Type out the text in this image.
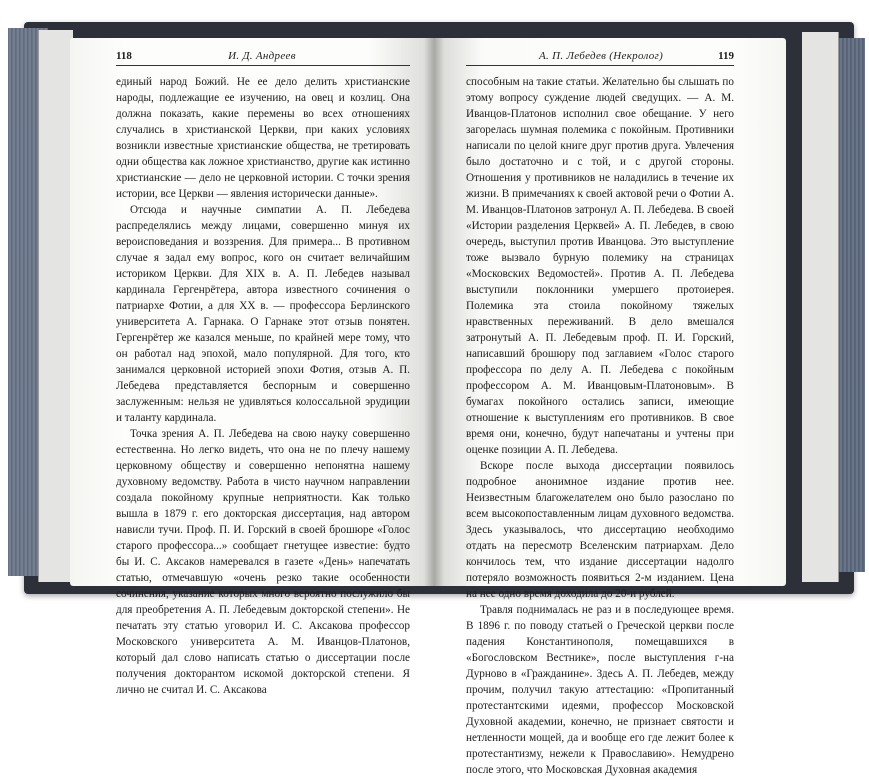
118	И. Д. Андреев

единый народ Божий. Не ее дело делить христианские народы, подлежащие ее изучению, на овец и козлиц. Она должна показать, какие перемены во всех отношениях случались в христианской Церкви, при каких условиях возникли известные христианские общества, не третировать одни общества как ложное христианство, другие как истинно христианские — дело не церковной истории. С точки зрения истории, все Церкви — явления исторически данные».

Отсюда и научные симпатии А. П. Лебедева распределялись между лицами, совершенно минуя их вероисповедания и воззрения. Для примера... В противном случае я задал ему вопрос, кого он считает величайшим историком Церкви. Для XIX в. А. П. Лебедев называл кардинала Гергенрётера, автора известного сочинения о патриархе Фотии, а для XX в. — профессора Берлинского университета А. Гарнака. О Гарнаке этот отзыв понятен. Гергенрётер же казался меньше, по крайней мере тому, что он работал над эпохой, мало популярной. Для того, кто занимался церковной историей эпохи Фотия, отзыв А. П. Лебедева представляется беспорным и совершенно заслуженным: нельзя не удивляться колоссальной эрудиции и таланту кардинала.

Точка зрения А. П. Лебедева на свою науку совершенно естественна. Но легко видеть, что она не по плечу нашему церковному обществу и совершенно непонятна нашему духовному ведомству. Работа в чисто научном направлении создала покойному крупные неприятности. Как только вышла в 1879 г. его докторская диссертация, над автором нависли тучи. Проф. П. И. Горский в своей брошюре «Голос старого профессора...» сообщает гнетущее известие: будто бы И. С. Аксаков намеревался в газете «День» напечатать статью, отмечавшую «очень резко такие особенности сочинения, указание которых много вероятно послужило бы для преобретения А. П. Лебедевым докторской степени». Не печатать эту статью уговорил И. С. Аксакова профессор Московского университета А. М. Иванцов-Платонов, который дал слово написать статью о диссертации после получения докторантом искомой докторской степени. Я лично не считал И. С. Аксакова

А. П. Лебедев (Некролог)	119

способным на такие статьи. Желательно бы слышать по этому вопросу суждение людей сведущих. — А. М. Иванцов-Платонов исполнил свое обещание. У него загорелась шумная полемика с покойным. Противники написали по целой книге друг против друга. Увлечения было достаточно и с той, и с другой стороны. Отношения у противников не наладились в течение их жизни. В примечаниях к своей актовой речи о Фотии А. М. Иванцов-Платонов затронул А. П. Лебедева. В своей «Истории разделения Церквей» А. П. Лебедев, в свою очередь, выступил против Иванцова. Это выступление тоже вызвало бурную полемику на страницах «Московских Ведомостей». Против А. П. Лебедева выступили поклонники умершего протоиерея. Полемика эта стоила покойному тяжелых нравственных переживаний. В дело вмешался затронутый А. П. Лебедевым проф. П. И. Горский, написавший брошюру под заглавием «Голос старого профессора по делу А. П. Лебедева с покойным профессором А. М. Иванцовым-Платоновым». В бумагах покойного остались записи, имеющие отношение к выступлениям его противников. В свое время они, конечно, будут напечатаны и учтены при оценке позиции А. П. Лебедева.

Вскоре после выхода диссертации появилось подробное анонимное издание против нее. Неизвестным благожелателем оно было разослано по всем высокопоставленным лицам духовного ведомства. Здесь указывалось, что диссертацию необходимо отдать на пересмотр Вселенским патриархам. Дело кончилось тем, что издание диссертации надолго потеряло возможность появиться 2-м изданием. Цена на нее одно время доходила до 20-и рублей.

Травля поднималась не раз и в последующее время. В 1896 г. по поводу статьей о Греческой церкви после падения Константинополя, помещавшихся в «Богословском Вестнике», после выступления г-на Дурново в «Гражданине». Здесь А. П. Лебедев, между прочим, получил такую аттестацию: «Пропитанный протестантскими идеями, профессор Московской Духовной академии, конечно, не признает святости и нетленности мощей, да и вообще его где лежит более к протестантизму, нежели к Православию». Немудрено после этого, что Московская Духовная академия
